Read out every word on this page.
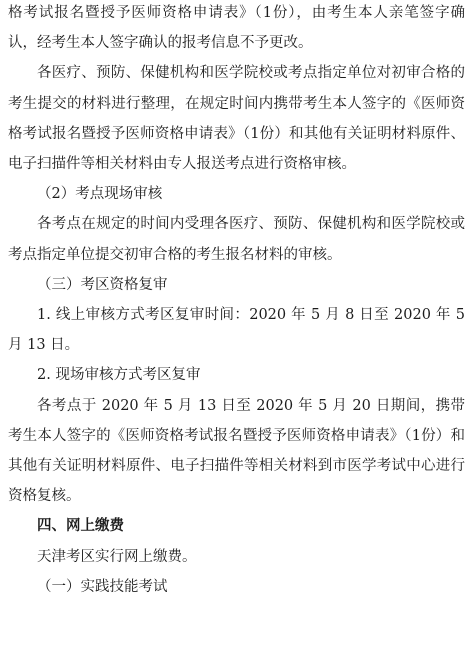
格考试报名暨授予医师资格申请表》（1份），由考生本人亲笔签字确认，经考生本人签字确认的报考信息不予更改。

各医疗、预防、保健机构和医学院校或考点指定单位对初审合格的考生提交的材料进行整理，在规定时间内携带考生本人签字的《医师资格考试报名暨授予医师资格申请表》（1份）和其他有关证明材料原件、电子扫描件等相关材料由专人报送考点进行资格审核。

（2）考点现场审核

各考点在规定的时间内受理各医疗、预防、保健机构和医学院校或考点指定单位提交初审合格的考生报名材料的审核。

（三）考区资格复审

1. 线上审核方式考区复审时间：2020 年 5 月 8 日至 2020 年 5 月 13 日。

2. 现场审核方式考区复审

各考点于 2020 年 5 月 13 日至 2020 年 5 月 20 日期间，携带考生本人签字的《医师资格考试报名暨授予医师资格申请表》（1份）和其他有关证明材料原件、电子扫描件等相关材料到市医学考试中心进行资格复核。

四、网上缴费

天津考区实行网上缴费。

（一）实践技能考试
